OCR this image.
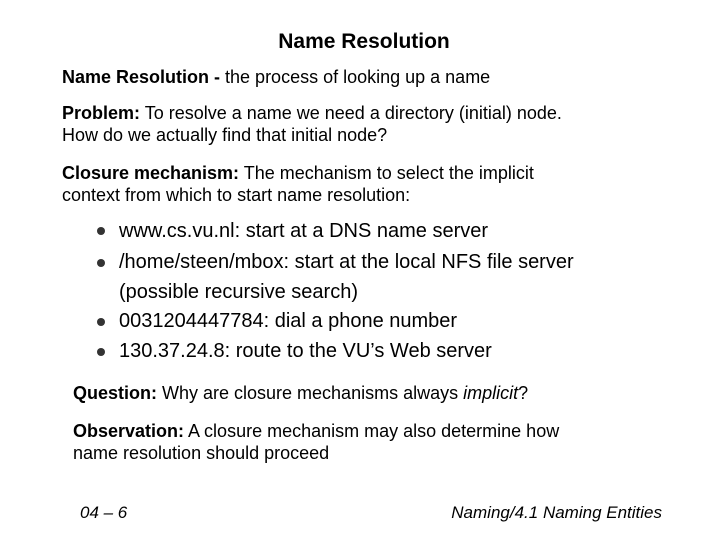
Name Resolution
Name Resolution - the process of looking up a name
Problem: To resolve a name we need a directory (initial) node.
How do we actually find that initial node?
Closure mechanism: The mechanism to select the implicit
context from which to start name resolution:
www.cs.vu.nl: start at a DNS name server
/home/steen/mbox: start at the local NFS file server
(possible recursive search)
0031204447784: dial a phone number
130.37.24.8: route to the VU’s Web server
Question: Why are closure mechanisms always implicit?
Observation: A closure mechanism may also determine how
name resolution should proceed
04 – 6	Naming/4.1 Naming Entities
